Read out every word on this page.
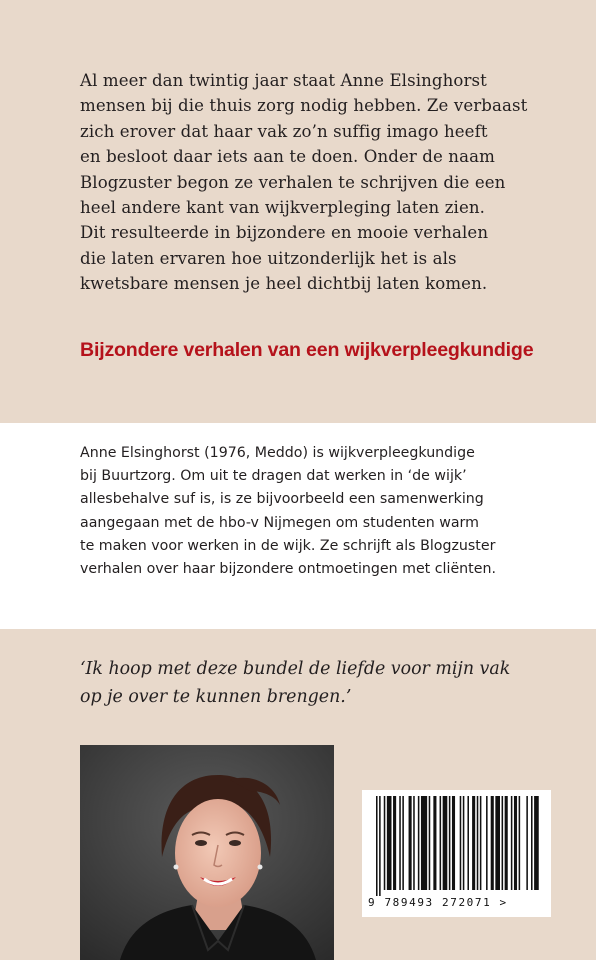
Al meer dan twintig jaar staat Anne Elsinghorst
mensen bij die thuis zorg nodig hebben. Ze verbaast
zich erover dat haar vak zo’n suffig imago heeft
en besloot daar iets aan te doen. Onder de naam
Blogzuster begon ze verhalen te schrijven die een
heel andere kant van wijkverpleging laten zien.
Dit resulteerde in bijzondere en mooie verhalen
die laten ervaren hoe uitzonderlijk het is als
kwetsbare mensen je heel dichtbij laten komen.
Bijzondere verhalen van een wijkverpleegkundige
Anne Elsinghorst (1976, Meddo) is wijkverpleegkundige
bij Buurtzorg. Om uit te dragen dat werken in ‘de wijk’
allesbehalve suf is, is ze bijvoorbeeld een samenwerking
aangegaan met de hbo-v Nijmegen om studenten warm
te maken voor werken in de wijk. Ze schrijft als Blogzuster
verhalen over haar bijzondere ontmoetingen met cliënten.
‘Ik hoop met deze bundel de liefde voor mijn vak
op je over te kunnen brengen.’
9 789493 272071 >
